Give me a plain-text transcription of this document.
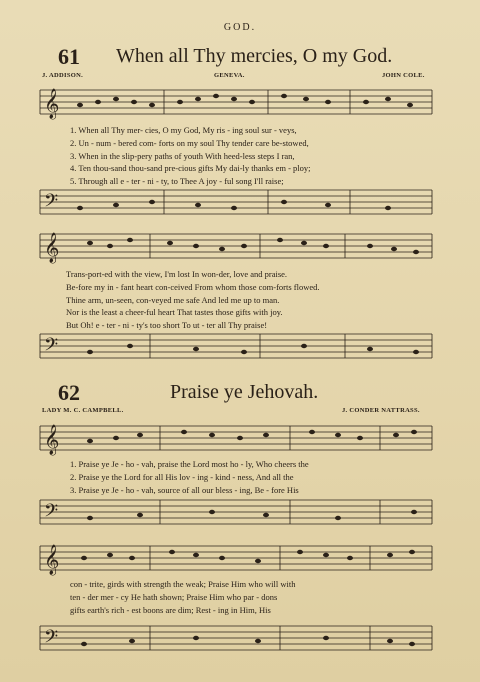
GOD.
61 When all Thy mercies, O my God.
J. ADDISON.	GENEVA.	JOHN COLE.
𝄞
1. When all Thy mer- cies, O my God, My ris - ing soul sur - veys,
2. Un - num - bered com- forts on my soul Thy tender care be-stowed,
3. When in the slip-pery paths of youth With heed-less steps I ran,
4. Ten thou-sand thou-sand pre-cious gifts My dai-ly thanks em - ploy;
5. Through all e - ter - ni - ty, to Thee A joy - ful song I'll raise;
𝄢
𝄞
Trans-port-ed with the view, I'm lost In won-der, love and praise.
Be-fore my in - fant heart con-ceived From whom those com-forts flowed.
Thine arm, un-seen, con-veyed me safe And led me up to man.
Nor is the least a cheer-ful heart That tastes those gifts with joy.
But Oh! e - ter - ni - ty's too short To ut - ter all Thy praise!
𝄢
62	Praise ye Jehovah.
LADY M. C. CAMPBELL.	J. CONDER NATTRASS.
𝄞
1. Praise ye Je - ho - vah, praise the Lord most ho - ly, Who cheers the
2. Praise ye the Lord for all His lov - ing - kind - ness, And all the
3. Praise ye Je - ho - vah, source of all our bless - ing, Be - fore His
𝄢
𝄞
con - trite, girds with strength the weak; Praise Him who will with
ten - der mer - cy He hath shown; Praise Him who par - dons
gifts earth's rich - est boons are dim; Rest - ing in Him, His
𝄢
